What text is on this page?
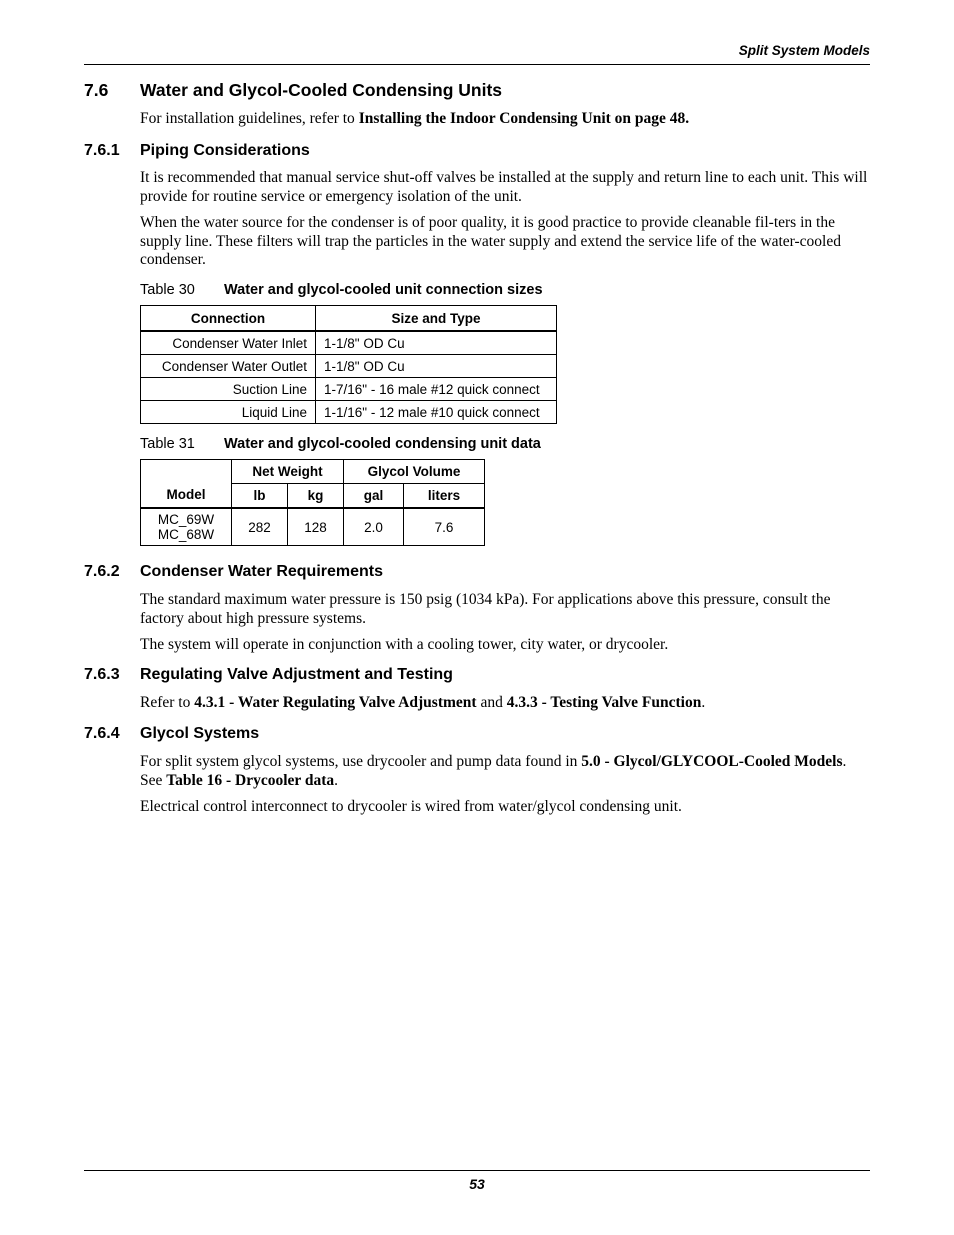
Split System Models
7.6 Water and Glycol-Cooled Condensing Units
For installation guidelines, refer to Installing the Indoor Condensing Unit on page 48.
7.6.1 Piping Considerations
It is recommended that manual service shut-off valves be installed at the supply and return line to each unit. This will provide for routine service or emergency isolation of the unit.
When the water source for the condenser is of poor quality, it is good practice to provide cleanable fil-ters in the supply line. These filters will trap the particles in the water supply and extend the service life of the water-cooled condenser.
Table 30 Water and glycol-cooled unit connection sizes
Connection	Size and Type
Condenser Water Inlet	1-1/8" OD Cu
Condenser Water Outlet	1-1/8" OD Cu
Suction Line	1-7/16" - 16 male #12 quick connect
Liquid Line	1-1/16" - 12 male #10 quick connect
Table 31 Water and glycol-cooled condensing unit data
Model	Net Weight		Glycol Volume	
	lb	kg	gal	liters
MC_69W
MC_68W	282	128	2.0	7.6
7.6.2 Condenser Water Requirements
The standard maximum water pressure is 150 psig (1034 kPa). For applications above this pressure, consult the factory about high pressure systems.
The system will operate in conjunction with a cooling tower, city water, or drycooler.
7.6.3 Regulating Valve Adjustment and Testing
Refer to 4.3.1 - Water Regulating Valve Adjustment and 4.3.3 - Testing Valve Function.
7.6.4 Glycol Systems
For split system glycol systems, use drycooler and pump data found in 5.0 - Glycol/GLYCOOL-Cooled Models. See Table 16 - Drycooler data.
Electrical control interconnect to drycooler is wired from water/glycol condensing unit.
53
